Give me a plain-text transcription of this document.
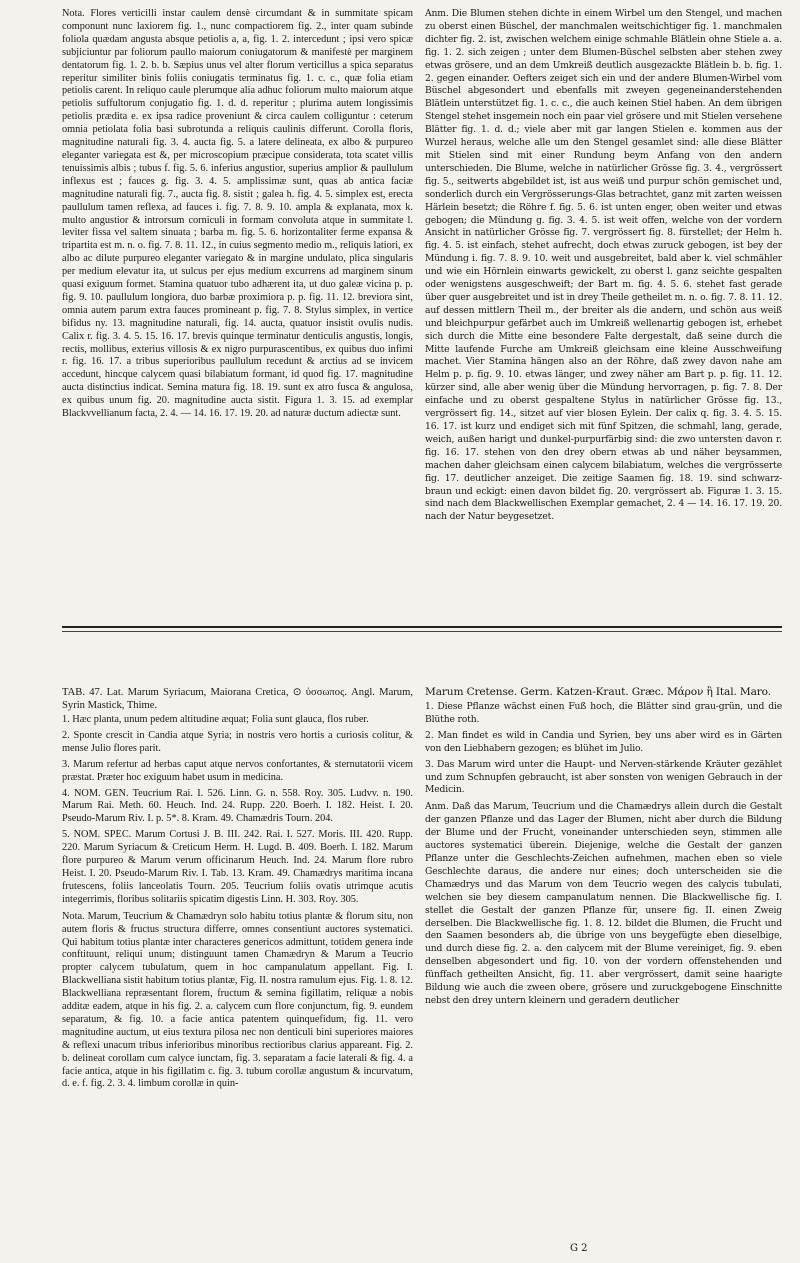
Nota. Flores verticilli instar caulem densè circumdant & in summitate spicam componunt nunc laxiorem fig. 1., nunc compactiorem fig. 2., inter quam subinde foliola quædam angusta absque petiolis a, a, fig. 1. 2. intercedunt ; ipsi vero spicæ subjiciuntur par foliorum paullo maiorum coniugatorum & manifestè per marginem dentatorum fig. 1. 2. b. b. Sæpius unus vel alter florum verticillus a spica separatus reperitur similiter binis foliis coniugatis terminatus fig. 1. c. c., quæ folia etiam petiolis carent. In reliquo caule plerumque alia adhuc foliorum multo maiorum atque petiolis suffultorum conjugatio fig. 1. d. d. reperitur ; plurima autem longissimis petiolis prædita e. ex ipsa radice proveniunt & circa caulem colliguntur : ceterum omnia petiolata folia basi subrotunda a reliquis caulinis differunt. Corolla floris, magnitudine naturali fig. 3. 4. aucta fig. 5. a latere delineata, ex albo & purpureo eleganter variegata est &, per microscopium præcipue considerata, tota scatet villis tenuissimis albis ; tubus f. fig. 5. 6. inferius angustior, superius amplior & paullulum inflexus est ; fauces g. fig. 3. 4. 5. amplissimæ sunt, quas ab antica faciæ magnitudine naturali fig. 7., aucta fig. 8. sistit ; galea h. fig. 4. 5. simplex est, erecta paullulum tamen reflexa, ad fauces i. fig. 7. 8. 9. 10. ampla & explanata, mox k. multo angustior & introrsum corniculi in formam convoluta atque in summitate l. leviter fissa vel saltem sinuata ; barba m. fig. 5. 6. horizontaliter ferme expansa & tripartita est m. n. o. fig. 7. 8. 11. 12., in cuius segmento medio m., reliquis latiori, ex albo ac dilute purpureo eleganter variegato & in margine undulato, plica singularis per medium elevatur ita, ut sulcus per ejus medium excurrens ad marginem sinum quasi exiguum formet. Stamina quatuor tubo adhærent ita, ut duo galeæ vicina p. p. fig. 9. 10. paullulum longiora, duo barbæ proximiora p. p. fig. 11. 12. breviora sint, omnia autem parum extra fauces promineant p. fig. 7. 8. Stylus simplex, in vertice bifidus ny. 13. magnitudine naturali, fig. 14. aucta, quatuor insistit ovulis nudis. Calix r. fig. 3. 4. 5. 15. 16. 17. brevis quinque terminatur denticulis angustis, longis, rectis, mollibus, exterius villosis & ex nigro purpurascentibus, ex quibus duo infimi r. fig. 16. 17. a tribus superioribus paullulum recedunt & arctius ad se invicem accedunt, hincque calycem quasi bilabiatum formant, id quod fig. 17. magnitudine aucta distinctius indicat. Semina matura fig. 18. 19. sunt ex atro fusca & angulosa, ex quibus unum fig. 20. magnitudine aucta sistit. Figura 1. 3. 15. ad exemplar Blackvvellianum facta, 2. 4. — 14. 16. 17. 19. 20. ad naturæ ductum adiectæ sunt.

Anm. Die Blumen stehen dichte in einem Wirbel um den Stengel, und machen zu oberst einen Büschel, der manchmalen weitschichtiger fig. 1. manchmalen dichter fig. 2. ist, zwischen welchem einige schmahle Blätlein ohne Stiele a. a. fig. 1. 2. sich zeigen ; unter dem Blumen-Büschel selbsten aber stehen zwey etwas grösere, und an dem Umkreiß deutlich ausgezackte Blätlein b. b. fig. 1. 2. gegen einander. Oefters zeiget sich ein und der andere Blumen-Wirbel vom Büschel abgesondert und ebenfalls mit zweyen gegeneinanderstehenden Blätlein unterstützet fig. 1. c. c., die auch keinen Stiel haben. An dem übrigen Stengel stehet insgemein noch ein paar viel grösere und mit Stielen versehene Blätter fig. 1. d. d.; viele aber mit gar langen Stielen e. kommen aus der Wurzel heraus, welche alle um den Stengel gesamlet sind: alle diese Blätter mit Stielen sind mit einer Rundung beym Anfang von den andern unterschieden. Die Blume, welche in natürlicher Grösse fig. 3. 4., vergrössert fig. 5., seitwerts abgebildet ist, ist aus weiß und purpur schön gemischet und, sonderlich durch ein Vergrösserungs-Glas betrachtet, ganz mit zarten weissen Härlein besetzt; die Röhre f. fig. 5. 6. ist unten enger, oben weiter und etwas gebogen; die Mündung g. fig. 3. 4. 5. ist weit offen, welche von der vordern Ansicht in natürlicher Grösse fig. 7. vergrössert fig. 8. fürstellet; der Helm h. fig. 4. 5. ist einfach, stehet aufrecht, doch etwas zuruck gebogen, ist bey der Mündung i. fig. 7. 8. 9. 10. weit und ausgebreitet, bald aber k. viel schmähler und wie ein Hörnlein einwarts gewickelt, zu oberst l. ganz seichte gespalten oder wenigstens ausgeschweift; der Bart m. fig. 4. 5. 6. stehet fast gerade über quer ausgebreitet und ist in drey Theile getheilet m. n. o. fig. 7. 8. 11. 12. auf dessen mittlern Theil m., der breiter als die andern, und schön aus weiß und bleichpurpur gefärbet auch im Umkreiß wellenartig gebogen ist, erhebet sich durch die Mitte eine besondere Falte dergestalt, daß seine durch die Mitte laufende Furche am Umkreiß gleichsam eine kleine Ausschweifung machet. Vier Stamina hängen also an der Röhre, daß zwey davon nahe am Helm p. p. fig. 9. 10. etwas länger, und zwey näher am Bart p. p. fig. 11. 12. kürzer sind, alle aber wenig über die Mündung hervorragen, p. fig. 7. 8. Der einfache und zu oberst gespaltene Stylus in natürlicher Grösse fig. 13., vergrössert fig. 14., sitzet auf vier blosen Eylein. Der calix q. fig. 3. 4. 5. 15. 16. 17. ist kurz und endiget sich mit fünf Spitzen, die schmahl, lang, gerade, weich, außen harigt und dunkel-purpurfärbig sind: die zwo untersten davon r. fig. 16. 17. stehen von den drey obern etwas ab und näher beysammen, machen daher gleichsam einen calycem bilabiatum, welches die vergrösserte fig. 17. deutlicher anzeiget. Die zeitige Saamen fig. 18. 19. sind schwarz-braun und eckigt: einen davon bildet fig. 20. vergrössert ab. Figuræ 1. 3. 15. sind nach dem Blackwellischen Exemplar gemachet, 2. 4 — 14. 16. 17. 19. 20. nach der Natur beygesetzet.

TAB. 47. Lat. Marum Syriacum, Maiorana Cretica, ⊙ ὑσσωπος. Angl. Marum, Syrin Mastick, Thime.

1. Hæc planta, unum pedem altitudine æquat; Folia sunt glauca, flos ruber.

2. Sponte crescit in Candia atque Syria; in nostris vero hortis a curiosis colitur, & mense Julio flores parit.

3. Marum refertur ad herbas caput atque nervos confortantes, & sternutatorii vicem præstat. Præter hoc exiguum habet usum in medicina.

4. NOM. GEN. Teucrium Rai. I. 526. Linn. G. n. 558. Roy. 305. Ludvv. n. 190. Marum Rai. Meth. 60. Heuch. Ind. 24. Rupp. 220. Boerh. I. 182. Heist. I. 20. Pseudo-Marum Riv. I. p. 5*. 8. Kram. 49. Chamædris Tourn. 204.

5. NOM. SPEC. Marum Cortusi J. B. III. 242. Rai. I. 527. Moris. III. 420. Rupp. 220. Marum Syriacum & Creticum Herm. H. Lugd. B. 409. Boerh. I. 182. Marum flore purpureo & Marum verum officinarum Heuch. Ind. 24. Marum flore rubro Heist. I. 20. Pseudo-Marum Riv. I. Tab. 13. Kram. 49. Chamædrys maritima incana frutescens, foliis lanceolatis Tourn. 205. Teucrium foliis ovatis utrimque acutis integerrimis, floribus solitariis spicatim digestis Linn. H. 303. Roy. 305.

Nota. Marum, Teucrium & Chamædryn solo habitu totius plantæ & florum situ, non autem floris & fructus structura differre, omnes consentiunt auctores systematici. Qui habitum totius plantæ inter characteres genericos admittunt, totidem genera inde conftituunt, reliqui unum; distinguunt tamen Chamædryn & Marum a Teucrio propter calycem tubulatum, quem in hoc campanulatum appellant. Fig. I. Blackwelliana sistit habitum totius plantæ, Fig. II. nostra ramulum ejus. Fig. 1. 8. 12. Blackwelliana repræsentant florem, fructum & semina figillatim, reliquæ a nobis additæ eadem, atque in his fig. 2. a. calycem cum flore conjunctum, fig. 9. eundem separatum, & fig. 10. a facie antica patentem quinquefidum, fig. 11. vero magnitudine auctum, ut eius textura pilosa nec non denticuli bini superiores maiores & reflexi unacum tribus inferioribus minoribus rectioribus clarius appareant. Fig. 2. b. delineat corollam cum calyce iunctam, fig. 3. separatam a facie laterali & fig. 4. a facie antica, atque in his figillatim c. fig. 3. tubum corollæ angustum & incurvatum, d. e. f. fig. 2. 3. 4. limbum corollæ in quin-

Marum Cretense. Germ. Katzen-Kraut. Græc. Μάρον ἢ Ital. Maro.

1. Diese Pflanze wächst einen Fuß hoch, die Blätter sind grau-grün, und die Blüthe roth.

2. Man findet es wild in Candia und Syrien, bey uns aber wird es in Gärten von den Liebhabern gezogen; es blühet im Julio.

3. Das Marum wird unter die Haupt- und Nerven-stärkende Kräuter gezählet und zum Schnupfen gebraucht, ist aber sonsten von wenigen Gebrauch in der Medicin.

Anm. Daß das Marum, Teucrium und die Chamædrys allein durch die Gestalt der ganzen Pflanze und das Lager der Blumen, nicht aber durch die Bildung der Blume und der Frucht, voneinander unterschieden seyn, stimmen alle auctores systematici überein. Diejenige, welche die Gestalt der ganzen Pflanze unter die Geschlechts-Zeichen aufnehmen, machen eben so viele Geschlechte daraus, die andere nur eines; doch unterscheiden sie die Chamædrys und das Marum von dem Teucrio wegen des calycis tubulati, welchen sie bey diesem campanulatum nennen. Die Blackwellische fig. I. stellet die Gestalt der ganzen Pflanze für, unsere fig. II. einen Zweig derselben. Die Blackwellische fig. 1. 8. 12. bildet die Blumen, die Frucht und den Saamen besonders ab, die übrige von uns beygefügte eben dieselbige, und durch diese fig. 2. a. den calycem mit der Blume vereiniget, fig. 9. eben denselben abgesondert und fig. 10. von der vordern offenstehenden und fünffach getheilten Ansicht, fig. 11. aber vergrössert, damit seine haarigte Bildung wie auch die zween obere, grösere und zuruckgebogene Einschnitte nebst den drey untern kleinern und geradern deutlicher

G 2
